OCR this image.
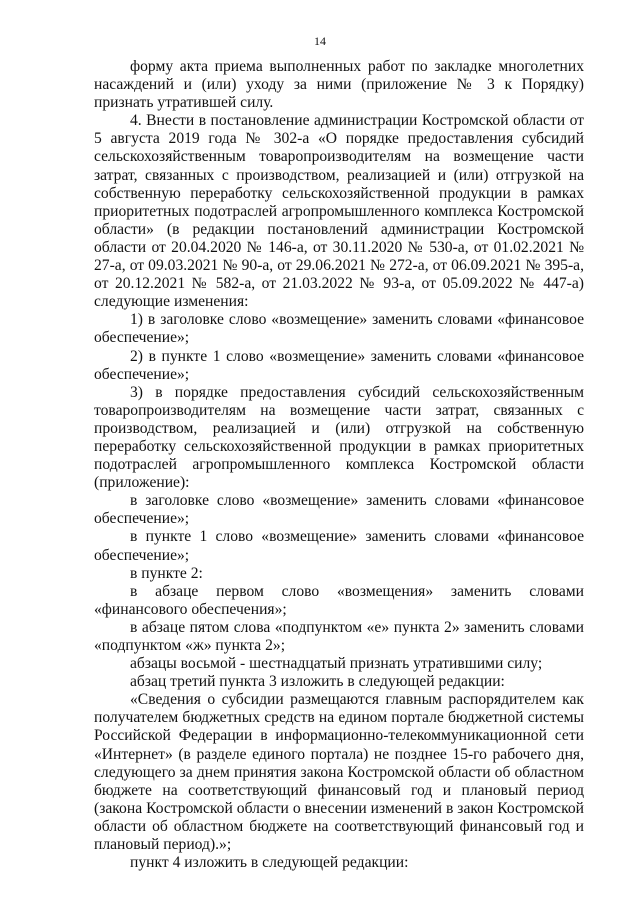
14

форму акта приема выполненных работ по закладке многолетних насаждений и (или) уходу за ними (приложение № 3 к Порядку) признать утратившей силу.

4. Внести в постановление администрации Костромской области от 5 августа 2019 года № 302-а «О порядке предоставления субсидий сельскохозяйственным товаропроизводителям на возмещение части затрат, связанных с производством, реализацией и (или) отгрузкой на собственную переработку сельскохозяйственной продукции в рамках приоритетных подотраслей агропромышленного комплекса Костромской области» (в редакции постановлений администрации Костромской области от 20.04.2020 № 146-а, от 30.11.2020 № 530-а, от 01.02.2021 № 27-а, от 09.03.2021 № 90-а, от 29.06.2021 № 272-а, от 06.09.2021 № 395-а, от 20.12.2021 № 582-а, от 21.03.2022 № 93-а, от 05.09.2022 № 447-а) следующие изменения:

1) в заголовке слово «возмещение» заменить словами «финансовое обеспечение»;

2) в пункте 1 слово «возмещение» заменить словами «финансовое обеспечение»;

3) в порядке предоставления субсидий сельскохозяйственным товаропроизводителям на возмещение части затрат, связанных с производством, реализацией и (или) отгрузкой на собственную переработку сельскохозяйственной продукции в рамках приоритетных подотраслей агропромышленного комплекса Костромской области (приложение):

в заголовке слово «возмещение» заменить словами «финансовое обеспечение»;

в пункте 1 слово «возмещение» заменить словами «финансовое обеспечение»;

в пункте 2:

в абзаце первом слово «возмещения» заменить словами «финансового обеспечения»;

в абзаце пятом слова «подпунктом «е» пункта 2» заменить словами «подпунктом «ж» пункта 2»;

абзацы восьмой - шестнадцатый признать утратившими силу;

абзац третий пункта 3 изложить в следующей редакции:

«Сведения о субсидии размещаются главным распорядителем как получателем бюджетных средств на едином портале бюджетной системы Российской Федерации в информационно-телекоммуникационной сети «Интернет» (в разделе единого портала) не позднее 15-го рабочего дня, следующего за днем принятия закона Костромской области об областном бюджете на соответствующий финансовый год и плановый период (закона Костромской области о внесении изменений в закон Костромской области об областном бюджете на соответствующий финансовый год и плановый период).»;

пункт 4 изложить в следующей редакции:
